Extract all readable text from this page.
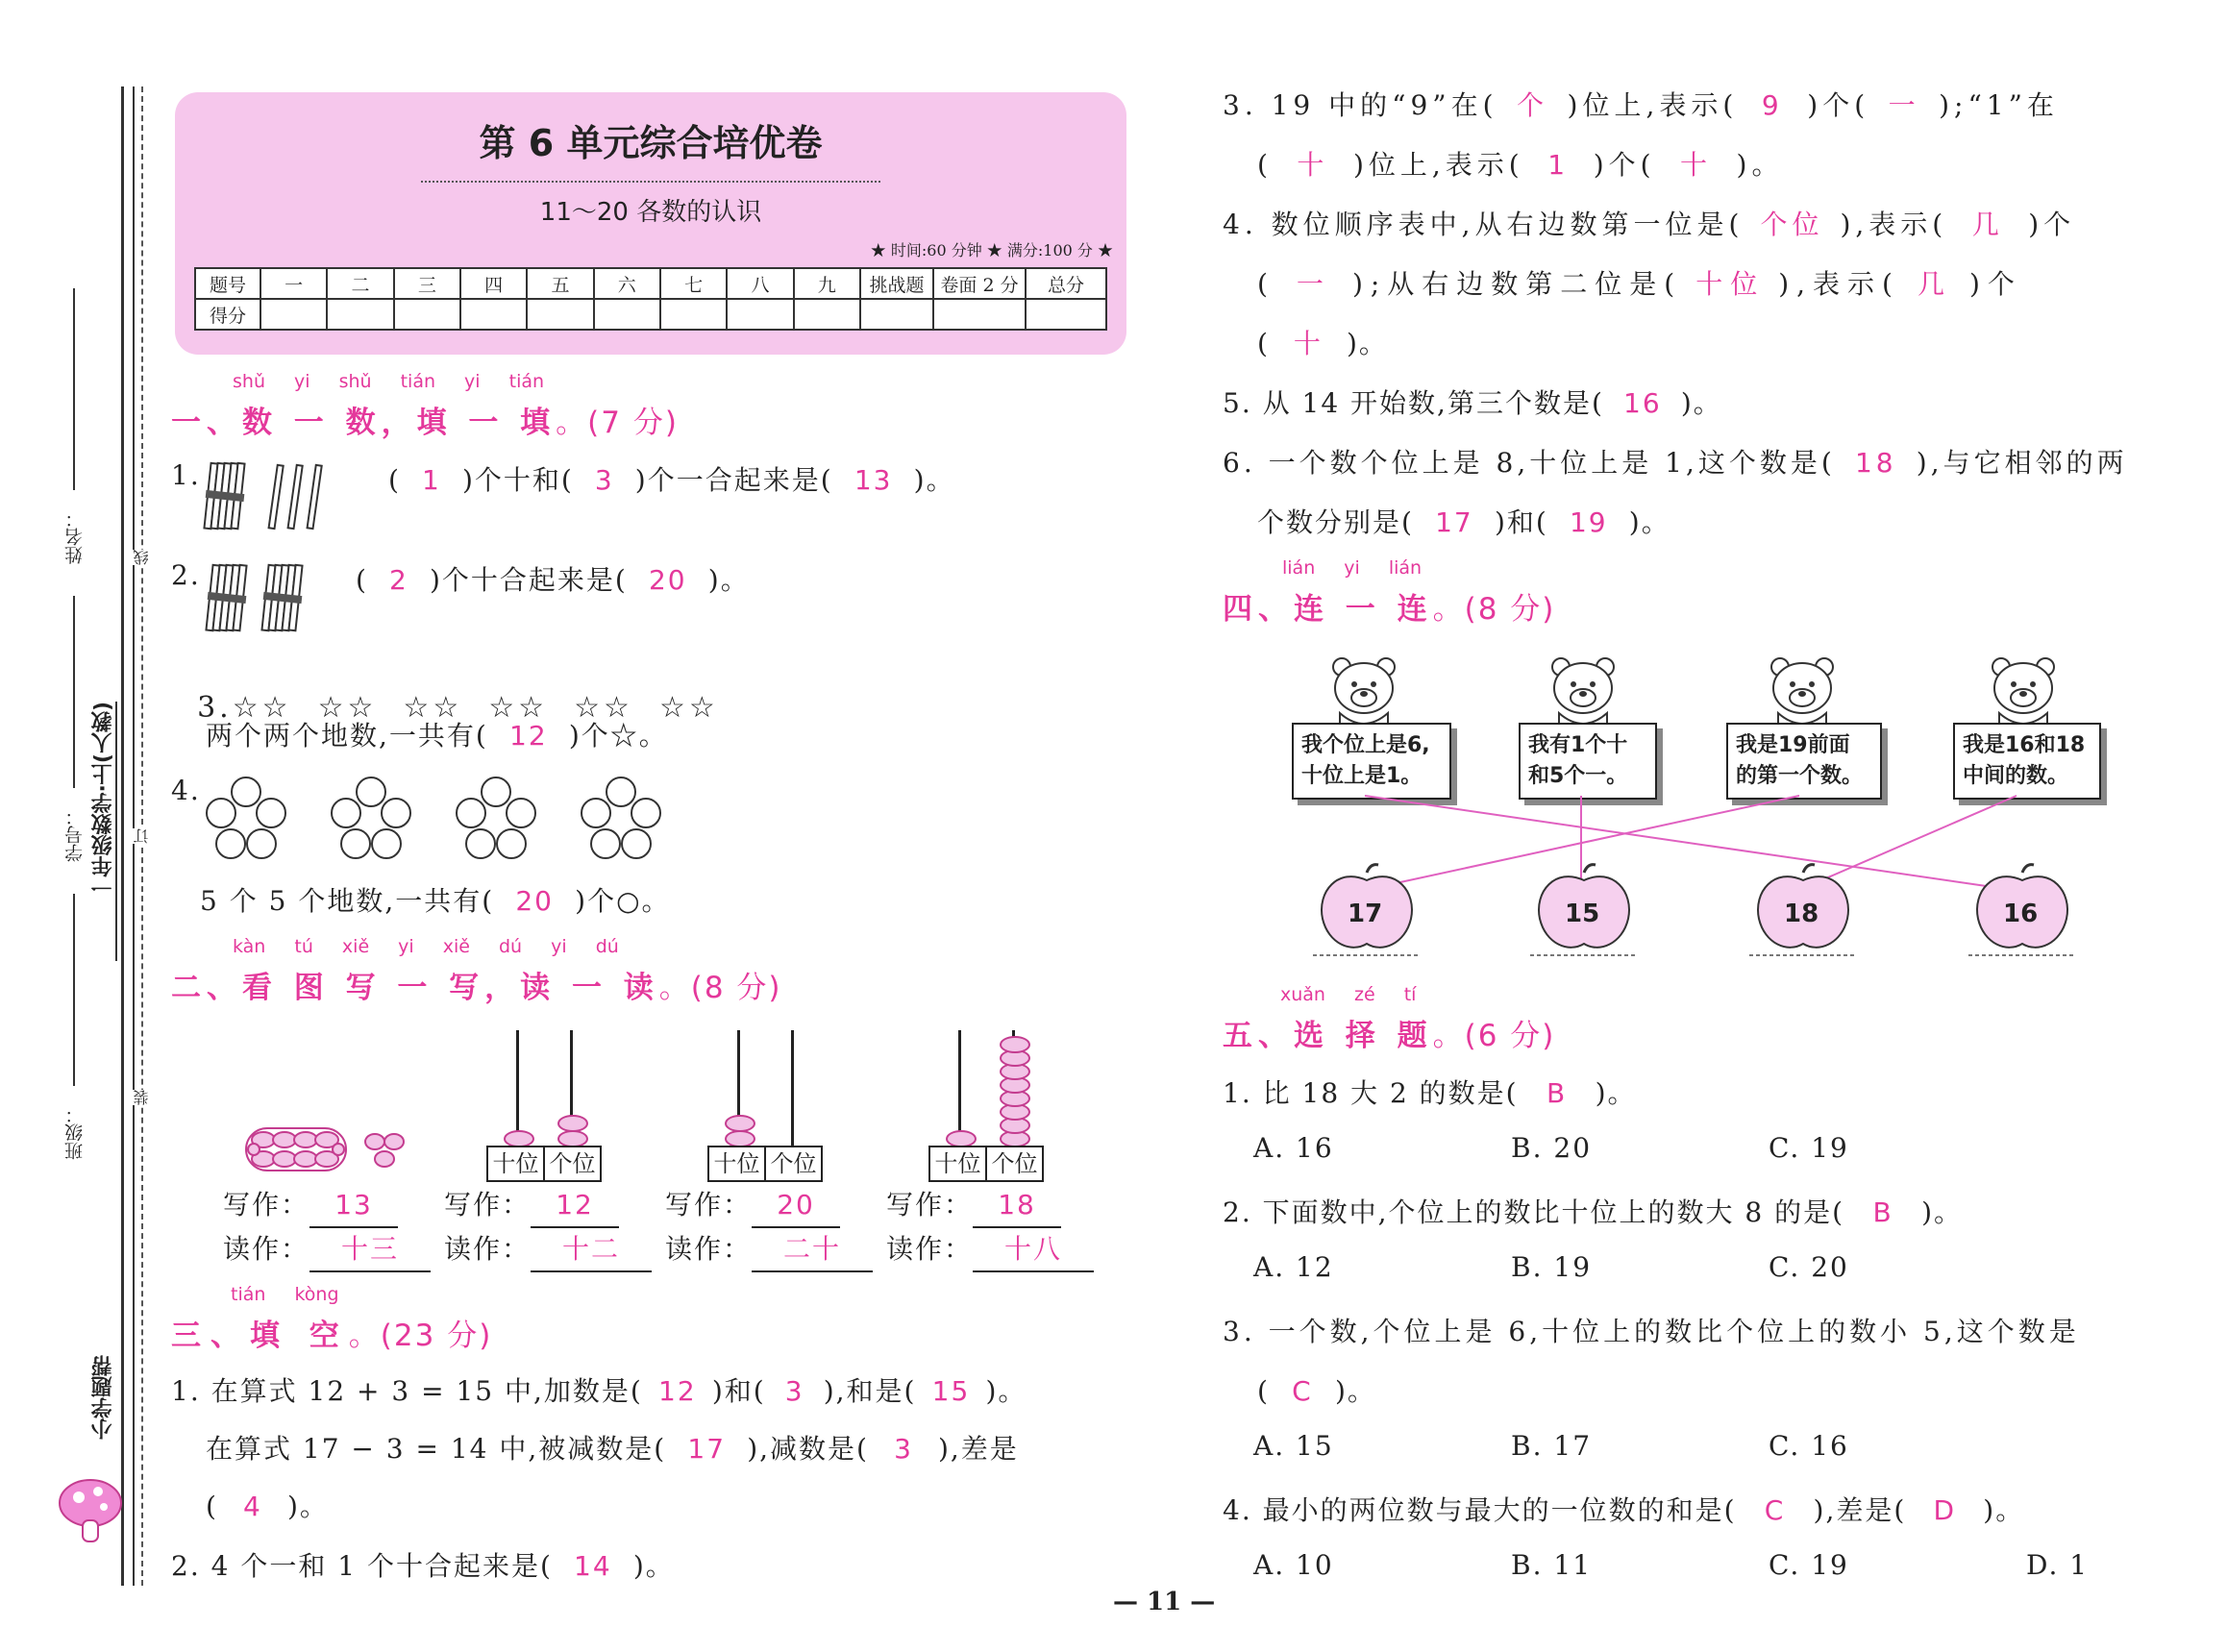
线
订
装
姓名：
学号： 一年级数学·上(人教)
班级：
小学题帮
第 6 单元综合培优卷
11～20 各数的认识
★ 时间:60 分钟 ★ 满分:100 分 ★
题号	一	二	三	四	五	六	七	八	九	挑战题	卷面 2 分	总分
得分												
shǔ yi shǔ tián yi tián
一、数 一 数，填 一 填。(7 分)
1.	( 1 )个十和( 3 )个一合起来是( 13 )。
2.	( 2 )个十合起来是( 20 )。

3.☆☆  ☆☆  ☆☆  ☆☆  ☆☆  ☆☆

两个两个地数,一共有( 12 )个☆。
4.
5 个 5 个地数,一共有( 20 )个○。
kàn tú xiě yi xiě dú yi dú
二、看 图 写 一 写，读 一 读。(8 分)
十位 个位	十位 个位	十位 个位
写作： 13
读作： 十三
写作： 12
读作： 十二
写作： 20
读作： 二十
写作： 18
读作： 十八
tián kòng
三、填 空。(23 分)
1. 在算式 12 + 3 = 15 中,加数是( 12 )和( 3 ),和是( 15 )。
在算式 17 − 3 = 14 中,被减数是( 17 ),减数是( 3 ),差是
( 4 )。
2. 4 个一和 1 个十合起来是( 14 )。
3. 19 中的“9”在( 个 )位上,表示( 9 )个( 一 );“1”在
( 十 )位上,表示( 1 )个( 十 )。
4. 数位顺序表中,从右边数第一位是( 个位 ),表示( 几 )个
( 一 );从右边数第二位是( 十位 ),表示( 几 )个
( 十 )。
5. 从 14 开始数,第三个数是( 16 )。
6. 一个数个位上是 8,十位上是 1,这个数是( 18 ),与它相邻的两
个数分别是( 17 )和( 19 )。
lián yi lián
四、连 一 连。(8 分)
我个位上是6,
十位上是1。
我有1个十
和5个一。
我是19前面
的第一个数。
我是16和18
中间的数。
17	15	18	16
xuǎn zé tí
五、选 择 题。(6 分)
1. 比 18 大 2 的数是( B )。
A. 16	B. 20	C. 19
2. 下面数中,个位上的数比十位上的数大 8 的是( B )。
A. 12	B. 19	C. 20
3. 一个数,个位上是 6,十位上的数比个位上的数小 5,这个数是
( C )。
A. 15	B. 17	C. 16
4. 最小的两位数与最大的一位数的和是( C ),差是( D )。
A. 10	B. 11	C. 19	D. 1
— 11 —
